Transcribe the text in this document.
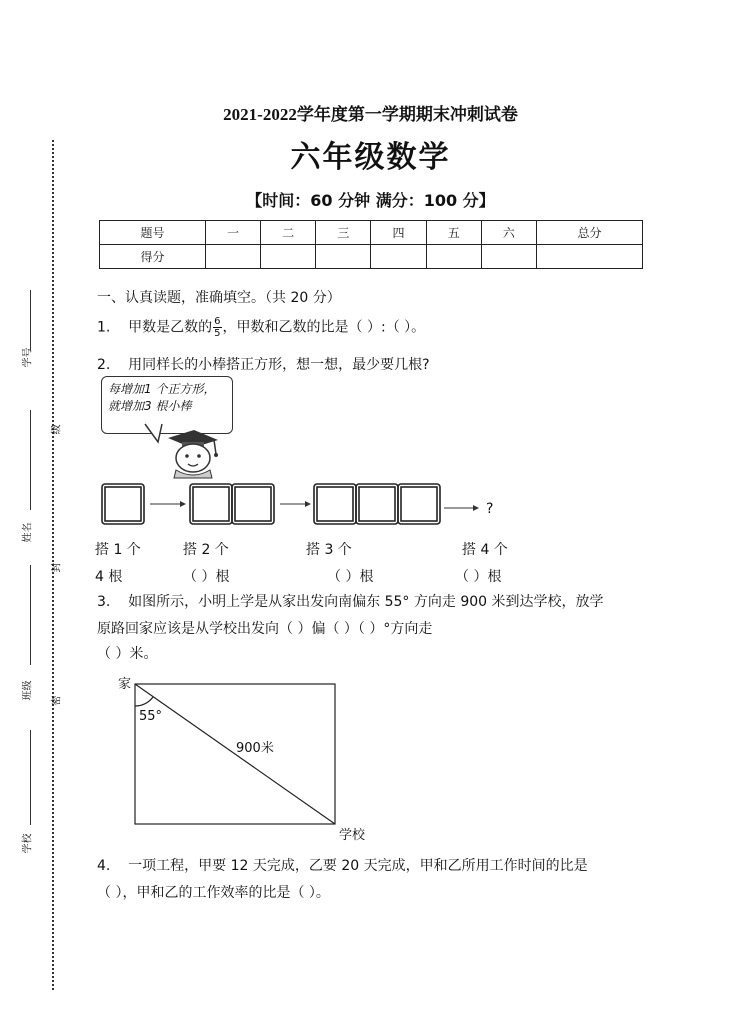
学号
级
姓名
封
班级	密
学校
2021-2022学年度第一学期期末冲刺试卷
六年级数学
【时间：60 分钟 满分：100 分】
题号	一	二	三	四	五	六	总分
得分							
一、认真读题，准确填空。（共 20 分）
1. 甲数是乙数的 $\frac{6}{5}$ ，甲数和乙数的比是（ ）:（ ）。
2. 用同样长的小棒搭正方形，想一想，最少要几根?
每增加1 个正方形，
就增加3 根小棒
?
搭 1 个	搭 2 个	搭 3 个	搭 4 个
4 根	（ ）根	（ ）根	（ ）根
3. 如图所示，小明上学是从家出发向南偏东 55° 方向走 900 米到达学校，放学
原路回家应该是从学校出发向（ ）偏（ ）（ ）°方向走
（ ）米。
家
55°
900米
学校
4. 一项工程，甲要 12 天完成，乙要 20 天完成，甲和乙所用工作时间的比是
（ ），甲和乙的工作效率的比是（ ）。
